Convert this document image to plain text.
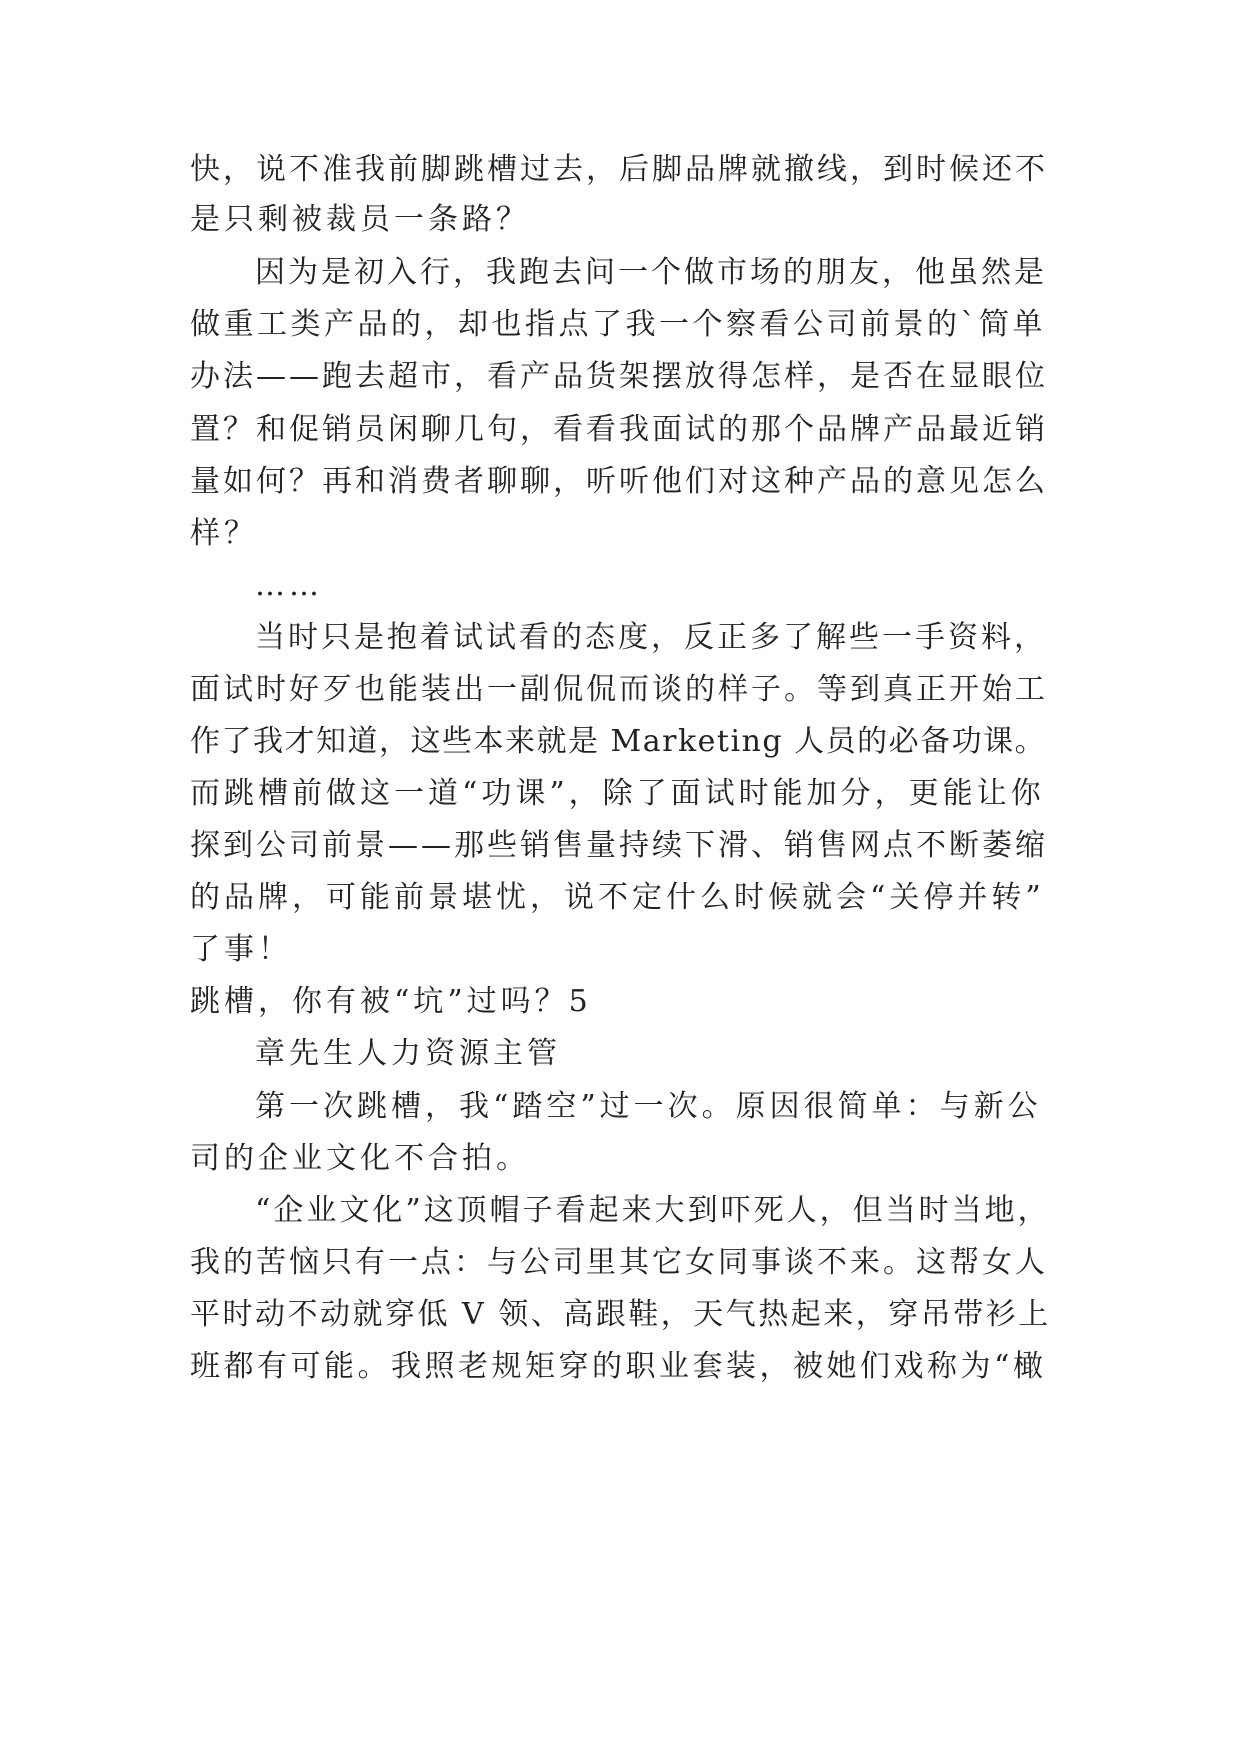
快，说不准我前脚跳槽过去，后脚品牌就撤线，到时候还不
是只剩被裁员一条路？
因为是初入行，我跑去问一个做市场的朋友，他虽然是
做重工类产品的，却也指点了我一个察看公司前景的`简单
办法——跑去超市，看产品货架摆放得怎样，是否在显眼位
置？和促销员闲聊几句，看看我面试的那个品牌产品最近销
量如何？再和消费者聊聊，听听他们对这种产品的意见怎么
样？
……
当时只是抱着试试看的态度，反正多了解些一手资料，
面试时好歹也能装出一副侃侃而谈的样子。等到真正开始工
作了我才知道，这些本来就是 Marketing 人员的必备功课。
而跳槽前做这一道“功课”，除了面试时能加分，更能让你
探到公司前景——那些销售量持续下滑、销售网点不断萎缩
的品牌，可能前景堪忧，说不定什么时候就会“关停并转”
了事！
跳槽，你有被“坑”过吗？5
章先生人力资源主管
第一次跳槽，我“踏空”过一次。原因很简单：与新公
司的企业文化不合拍。
“企业文化”这顶帽子看起来大到吓死人，但当时当地，
我的苦恼只有一点：与公司里其它女同事谈不来。这帮女人
平时动不动就穿低 V 领、高跟鞋，天气热起来，穿吊带衫上
班都有可能。我照老规矩穿的职业套装，被她们戏称为“橄
